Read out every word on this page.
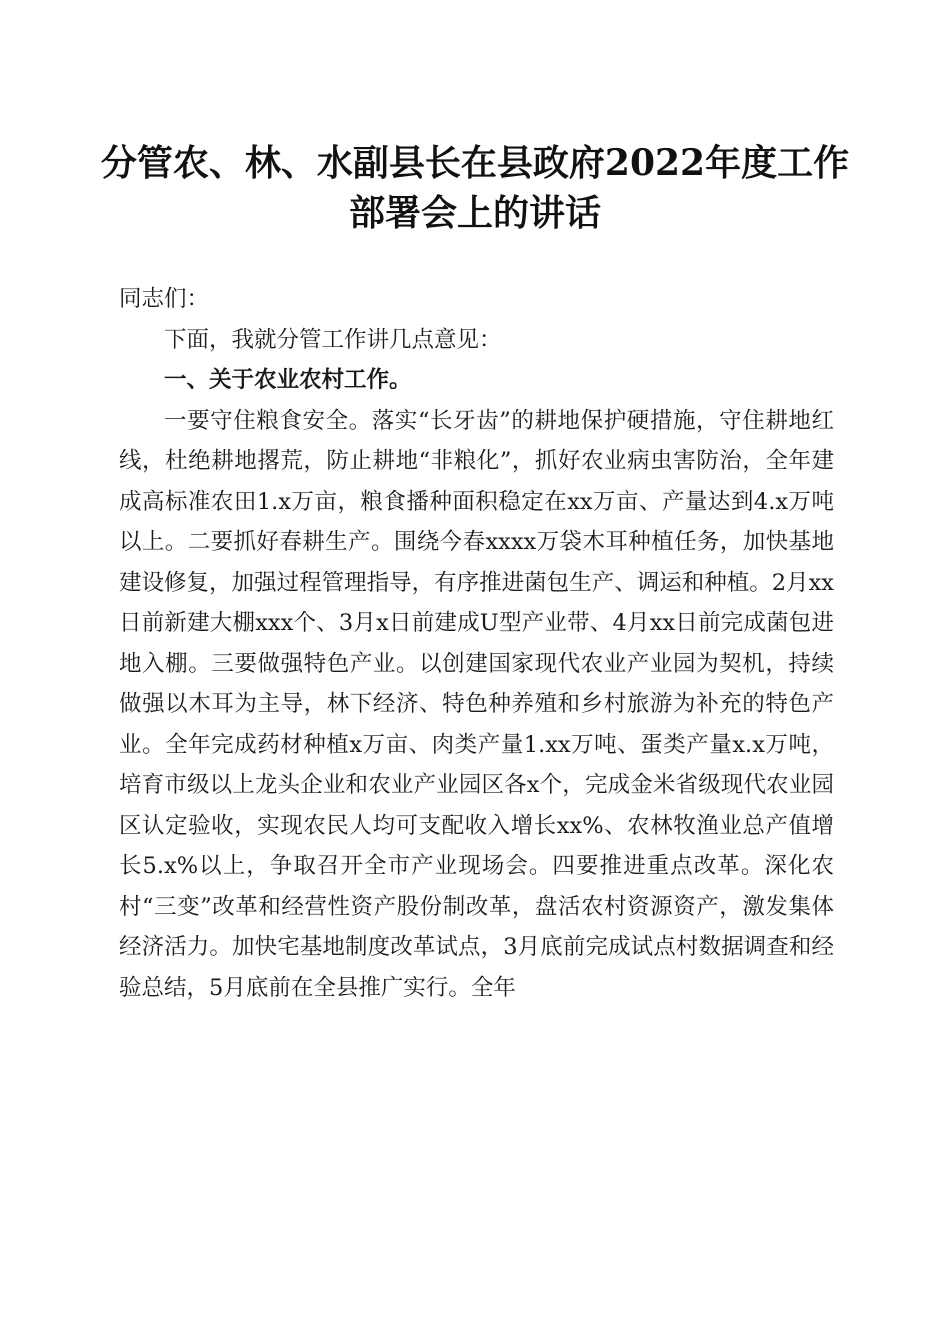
分管农、林、水副县长在县政府2022年度工作部署会上的讲话

同志们：

下面，我就分管工作讲几点意见：

一、关于农业农村工作。

一要守住粮食安全。落实“长牙齿”的耕地保护硬措施，守住耕地红线，杜绝耕地撂荒，防止耕地“非粮化”，抓好农业病虫害防治，全年建成高标准农田1.x万亩，粮食播种面积稳定在xx万亩、产量达到4.x万吨以上。二要抓好春耕生产。围绕今春xxxx万袋木耳种植任务，加快基地建设修复，加强过程管理指导，有序推进菌包生产、调运和种植。2月xx日前新建大棚xxx个、3月x日前建成U型产业带、4月xx日前完成菌包进地入棚。三要做强特色产业。以创建国家现代农业产业园为契机，持续做强以木耳为主导，林下经济、特色种养殖和乡村旅游为补充的特色产业。全年完成药材种植x万亩、肉类产量1.xx万吨、蛋类产量x.x万吨，培育市级以上龙头企业和农业产业园区各x个，完成金米省级现代农业园区认定验收，实现农民人均可支配收入增长xx%、农林牧渔业总产值增长5.x%以上，争取召开全市产业现场会。四要推进重点改革。深化农村“三变”改革和经营性资产股份制改革，盘活农村资源资产，激发集体经济活力。加快宅基地制度改革试点，3月底前完成试点村数据调查和经验总结，5月底前在全县推广实行。全年
